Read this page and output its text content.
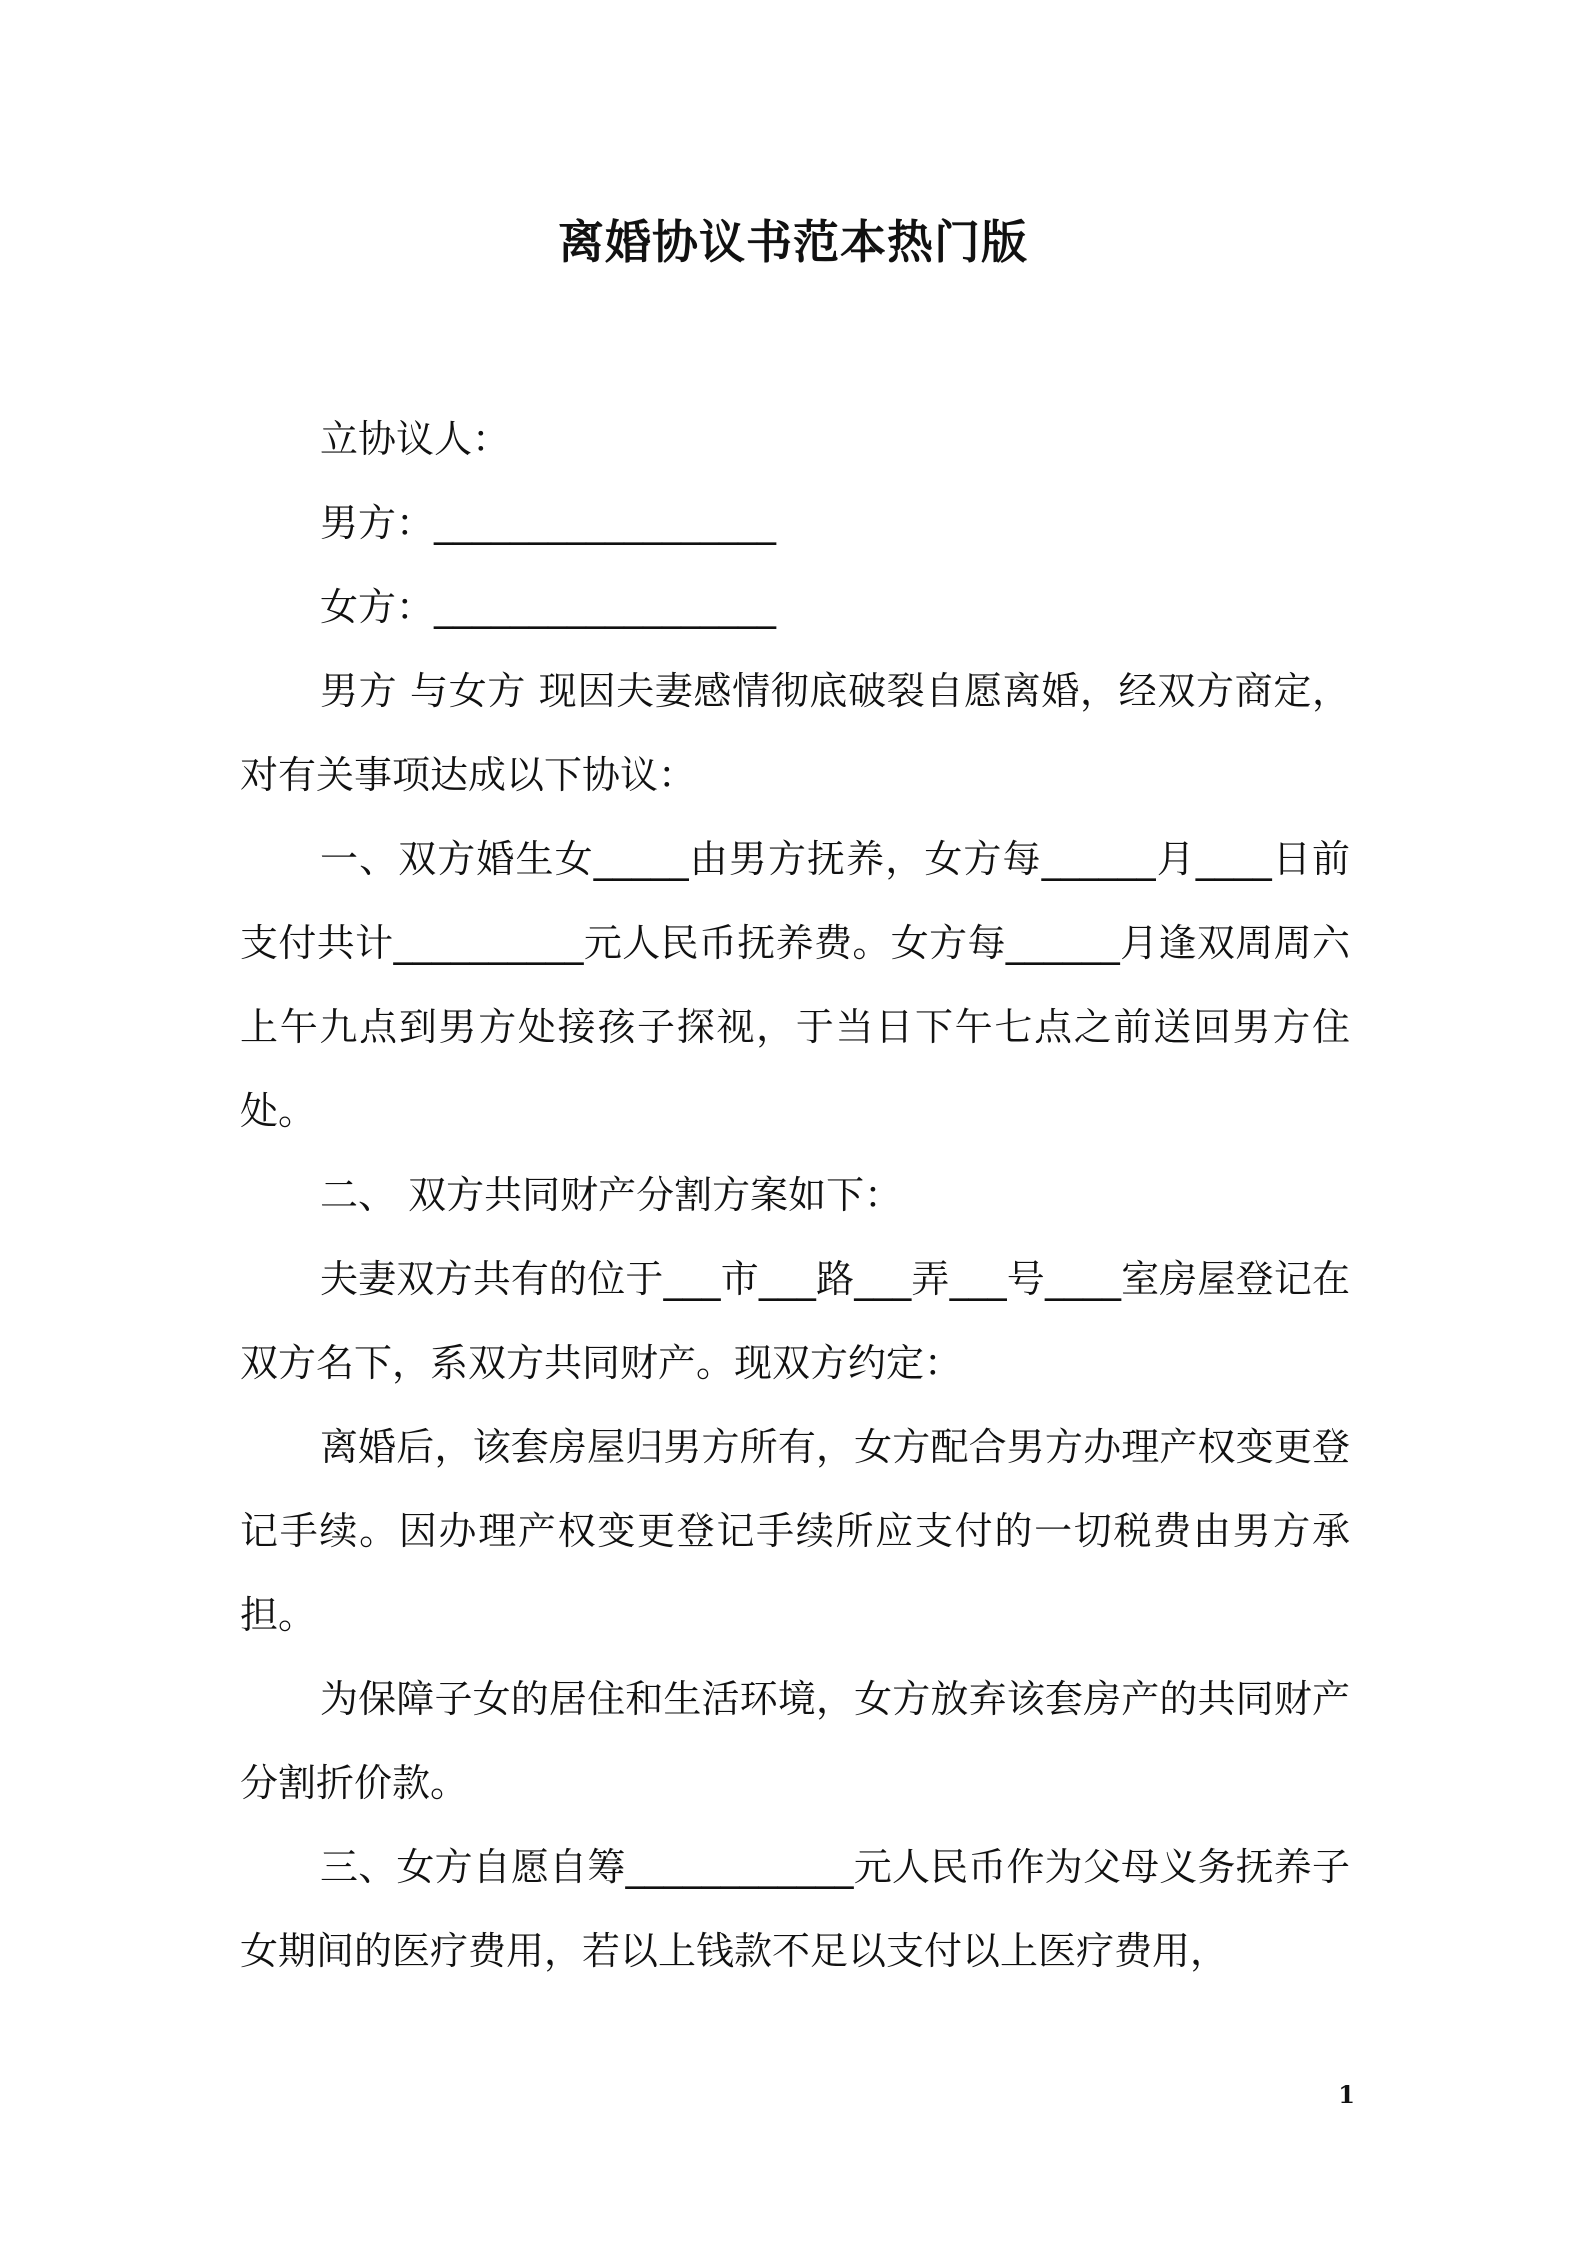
离婚协议书范本热门版

立协议人：

男方：__________________

女方：__________________

男方 与女方 现因夫妻感情彻底破裂自愿离婚，经双方商定，对有关事项达成以下协议：

一、双方婚生女_____由男方抚养，女方每______月____日前支付共计__________元人民币抚养费。女方每______月逢双周周六上午九点到男方处接孩子探视，于当日下午七点之前送回男方住处。

二、 双方共同财产分割方案如下：

夫妻双方共有的位于___市___路___弄___号____室房屋登记在双方名下，系双方共同财产。现双方约定：

离婚后，该套房屋归男方所有，女方配合男方办理产权变更登记手续。因办理产权变更登记手续所应支付的一切税费由男方承担。

为保障子女的居住和生活环境，女方放弃该套房产的共同财产分割折价款。

三、女方自愿自筹____________元人民币作为父母义务抚养子女期间的医疗费用，若以上钱款不足以支付以上医疗费用，

1
